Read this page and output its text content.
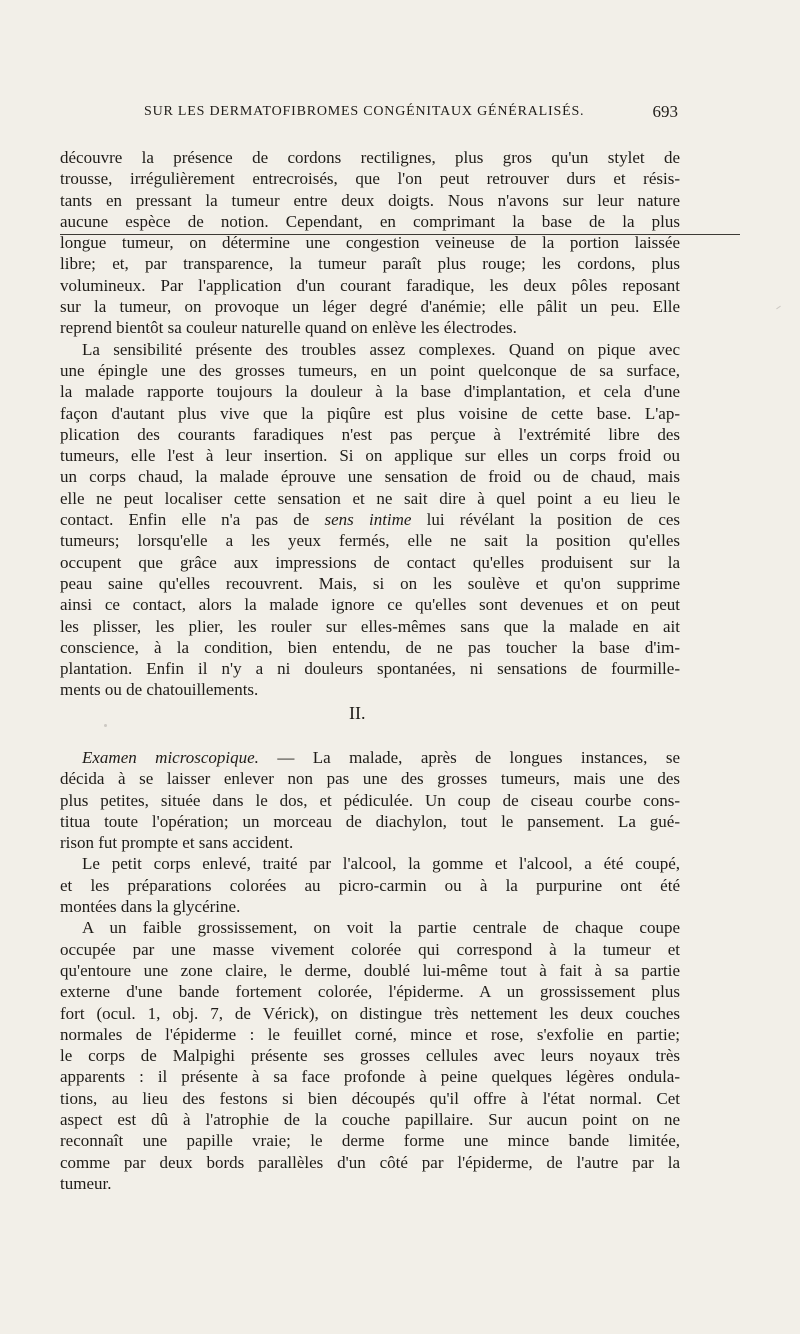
SUR LES DERMATOFIBROMES CONGÉNITAUX GÉNÉRALISÉS.	693
découvre la présence de cordons rectilignes, plus gros qu'un stylet de
trousse, irrégulièrement entrecroisés, que l'on peut retrouver durs et résis-
tants en pressant la tumeur entre deux doigts. Nous n'avons sur leur nature
aucune espèce de notion. Cependant, en comprimant la base de la plus
longue tumeur, on détermine une congestion veineuse de la portion laissée
libre; et, par transparence, la tumeur paraît plus rouge; les cordons, plus
volumineux. Par l'application d'un courant faradique, les deux pôles reposant
sur la tumeur, on provoque un léger degré d'anémie; elle pâlit un peu. Elle
reprend bientôt sa couleur naturelle quand on enlève les électrodes.
La sensibilité présente des troubles assez complexes. Quand on pique avec
une épingle une des grosses tumeurs, en un point quelconque de sa surface,
la malade rapporte toujours la douleur à la base d'implantation, et cela d'une
façon d'autant plus vive que la piqûre est plus voisine de cette base. L'ap-
plication des courants faradiques n'est pas perçue à l'extrémité libre des
tumeurs, elle l'est à leur insertion. Si on applique sur elles un corps froid ou
un corps chaud, la malade éprouve une sensation de froid ou de chaud, mais
elle ne peut localiser cette sensation et ne sait dire à quel point a eu lieu le
contact. Enfin elle n'a pas de sens intime lui révélant la position de ces
tumeurs; lorsqu'elle a les yeux fermés, elle ne sait la position qu'elles
occupent que grâce aux impressions de contact qu'elles produisent sur la
peau saine qu'elles recouvrent. Mais, si on les soulève et qu'on supprime
ainsi ce contact, alors la malade ignore ce qu'elles sont devenues et on peut
les plisser, les plier, les rouler sur elles-mêmes sans que la malade en ait
conscience, à la condition, bien entendu, de ne pas toucher la base d'im-
plantation. Enfin il n'y a ni douleurs spontanées, ni sensations de fourmille-
ments ou de chatouillements.
II.
Examen microscopique. — La malade, après de longues instances, se
décida à se laisser enlever non pas une des grosses tumeurs, mais une des
plus petites, située dans le dos, et pédiculée. Un coup de ciseau courbe cons-
titua toute l'opération; un morceau de diachylon, tout le pansement. La gué-
rison fut prompte et sans accident.
Le petit corps enlevé, traité par l'alcool, la gomme et l'alcool, a été coupé,
et les préparations colorées au picro-carmin ou à la purpurine ont été
montées dans la glycérine.
A un faible grossissement, on voit la partie centrale de chaque coupe
occupée par une masse vivement colorée qui correspond à la tumeur et
qu'entoure une zone claire, le derme, doublé lui-même tout à fait à sa partie
externe d'une bande fortement colorée, l'épiderme. A un grossissement plus
fort (ocul. 1, obj. 7, de Vérick), on distingue très nettement les deux couches
normales de l'épiderme : le feuillet corné, mince et rose, s'exfolie en partie;
le corps de Malpighi présente ses grosses cellules avec leurs noyaux très
apparents : il présente à sa face profonde à peine quelques légères ondula-
tions, au lieu des festons si bien découpés qu'il offre à l'état normal. Cet
aspect est dû à l'atrophie de la couche papillaire. Sur aucun point on ne
reconnaît une papille vraie; le derme forme une mince bande limitée,
comme par deux bords parallèles d'un côté par l'épiderme, de l'autre par la
tumeur.
